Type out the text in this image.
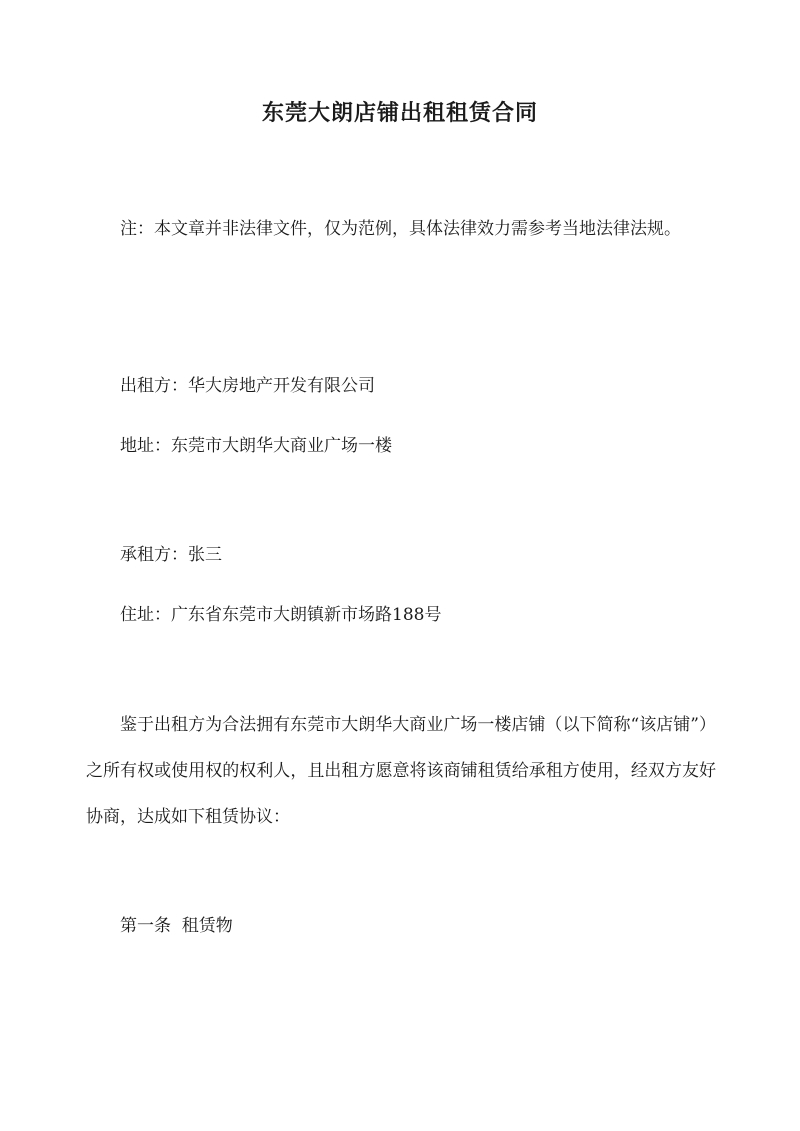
东莞大朗店铺出租租赁合同

注：本文章并非法律文件，仅为范例，具体法律效力需参考当地法律法规。

出租方：华大房地产开发有限公司

地址：东莞市大朗华大商业广场一楼

承租方：张三

住址：广东省东莞市大朗镇新市场路188号

鉴于出租方为合法拥有东莞市大朗华大商业广场一楼店铺（以下简称“该店铺”）之所有权或使用权的权利人，且出租方愿意将该商铺租赁给承租方使用，经双方友好协商，达成如下租赁协议：

第一条  租赁物
